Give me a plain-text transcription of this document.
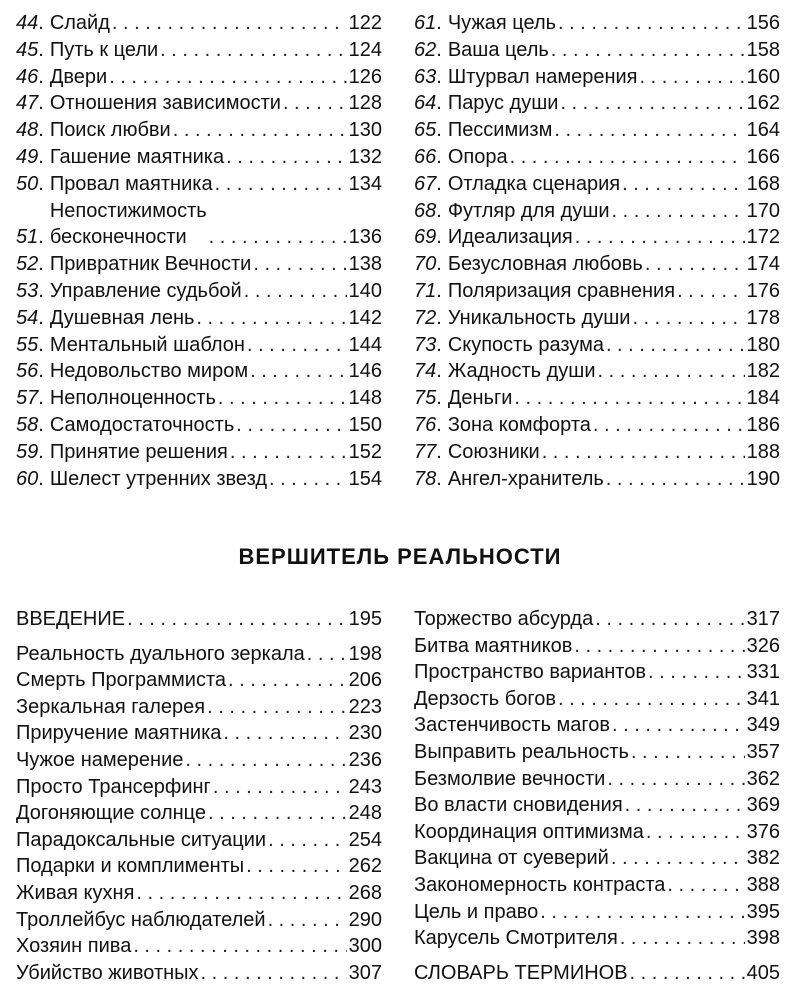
44 . Слайд . . .	122
45 . Путь к цели . . .	124
46 . Двери . . .	126
47 . Отношения зависимости . . .	128
48 . Поиск любви . . .	130
49 . Гашение маятника . . .	132
50 . Провал маятника . . .	134
51 .
Непостижимость
бесконечности . . .	136
52 . Привратник Вечности . . .	138
53 . Управление судьбой . . .	140
54 . Душевная лень . . .	142
55 . Ментальный шаблон . . .	144
56 . Недовольство миром . . .	146
57 . Неполноценность . . .	148
58 . Самодостаточность . . .	150
59 . Принятие решения . . .	152
60 . Шелест утренних звезд . . .	154
61 . Чужая цель . . .	156
62 . Ваша цель . . .	158
63 . Штурвал намерения . . .	160
64 . Парус души . . .	162
65 . Пессимизм . . .	164
66 . Опора . . .	166
67 . Отладка сценария . . .	168
68 . Футляр для души . . .	170
69 . Идеализация . . .	172
70 . Безусловная любовь . . .	174
71 . Поляризация сравнения . . .	176
72 . Уникальность души . . .	178
73 . Скупость разума . . .	180
74 . Жадность души . . .	182
75 . Деньги . . .	184
76 . Зона комфорта . . .	186
77 . Союзники . . .	188
78 . Ангел-хранитель . . .	190
ВЕРШИТЕЛЬ РЕАЛЬНОСТИ
ВВЕДЕНИЕ . . .	195
Реальность дуального зеркала . . . 198
Смерть Программиста . . .	206
Зеркальная галерея . . .	223
Приручение маятника . . .	230
Чужое намерение . . .	236
Просто Трансерфинг . . .	243
Догоняющие солнце . . .	248
Парадоксальные ситуации . . .	254
Подарки и комплименты . . .	262
Живая кухня . . .	268
Троллейбус наблюдателей . . .	290
Хозяин пива . . .	300
Убийство животных . . .	307
Торжество абсурда . . .	317
Битва маятников . . .	326
Пространство вариантов . . .	331
Дерзость богов . . .	341
Застенчивость магов . . .	349
Выправить реальность . . .	357
Безмолвие вечности . . .	362
Во власти сновидения . . .	369
Координация оптимизма . . .	376
Вакцина от суеверий . . .	382
Закономерность контраста . . .	388
Цель и право . . .	395
Карусель Смотрителя . . .	398
СЛОВАРЬ ТЕРМИНОВ . . .	405
